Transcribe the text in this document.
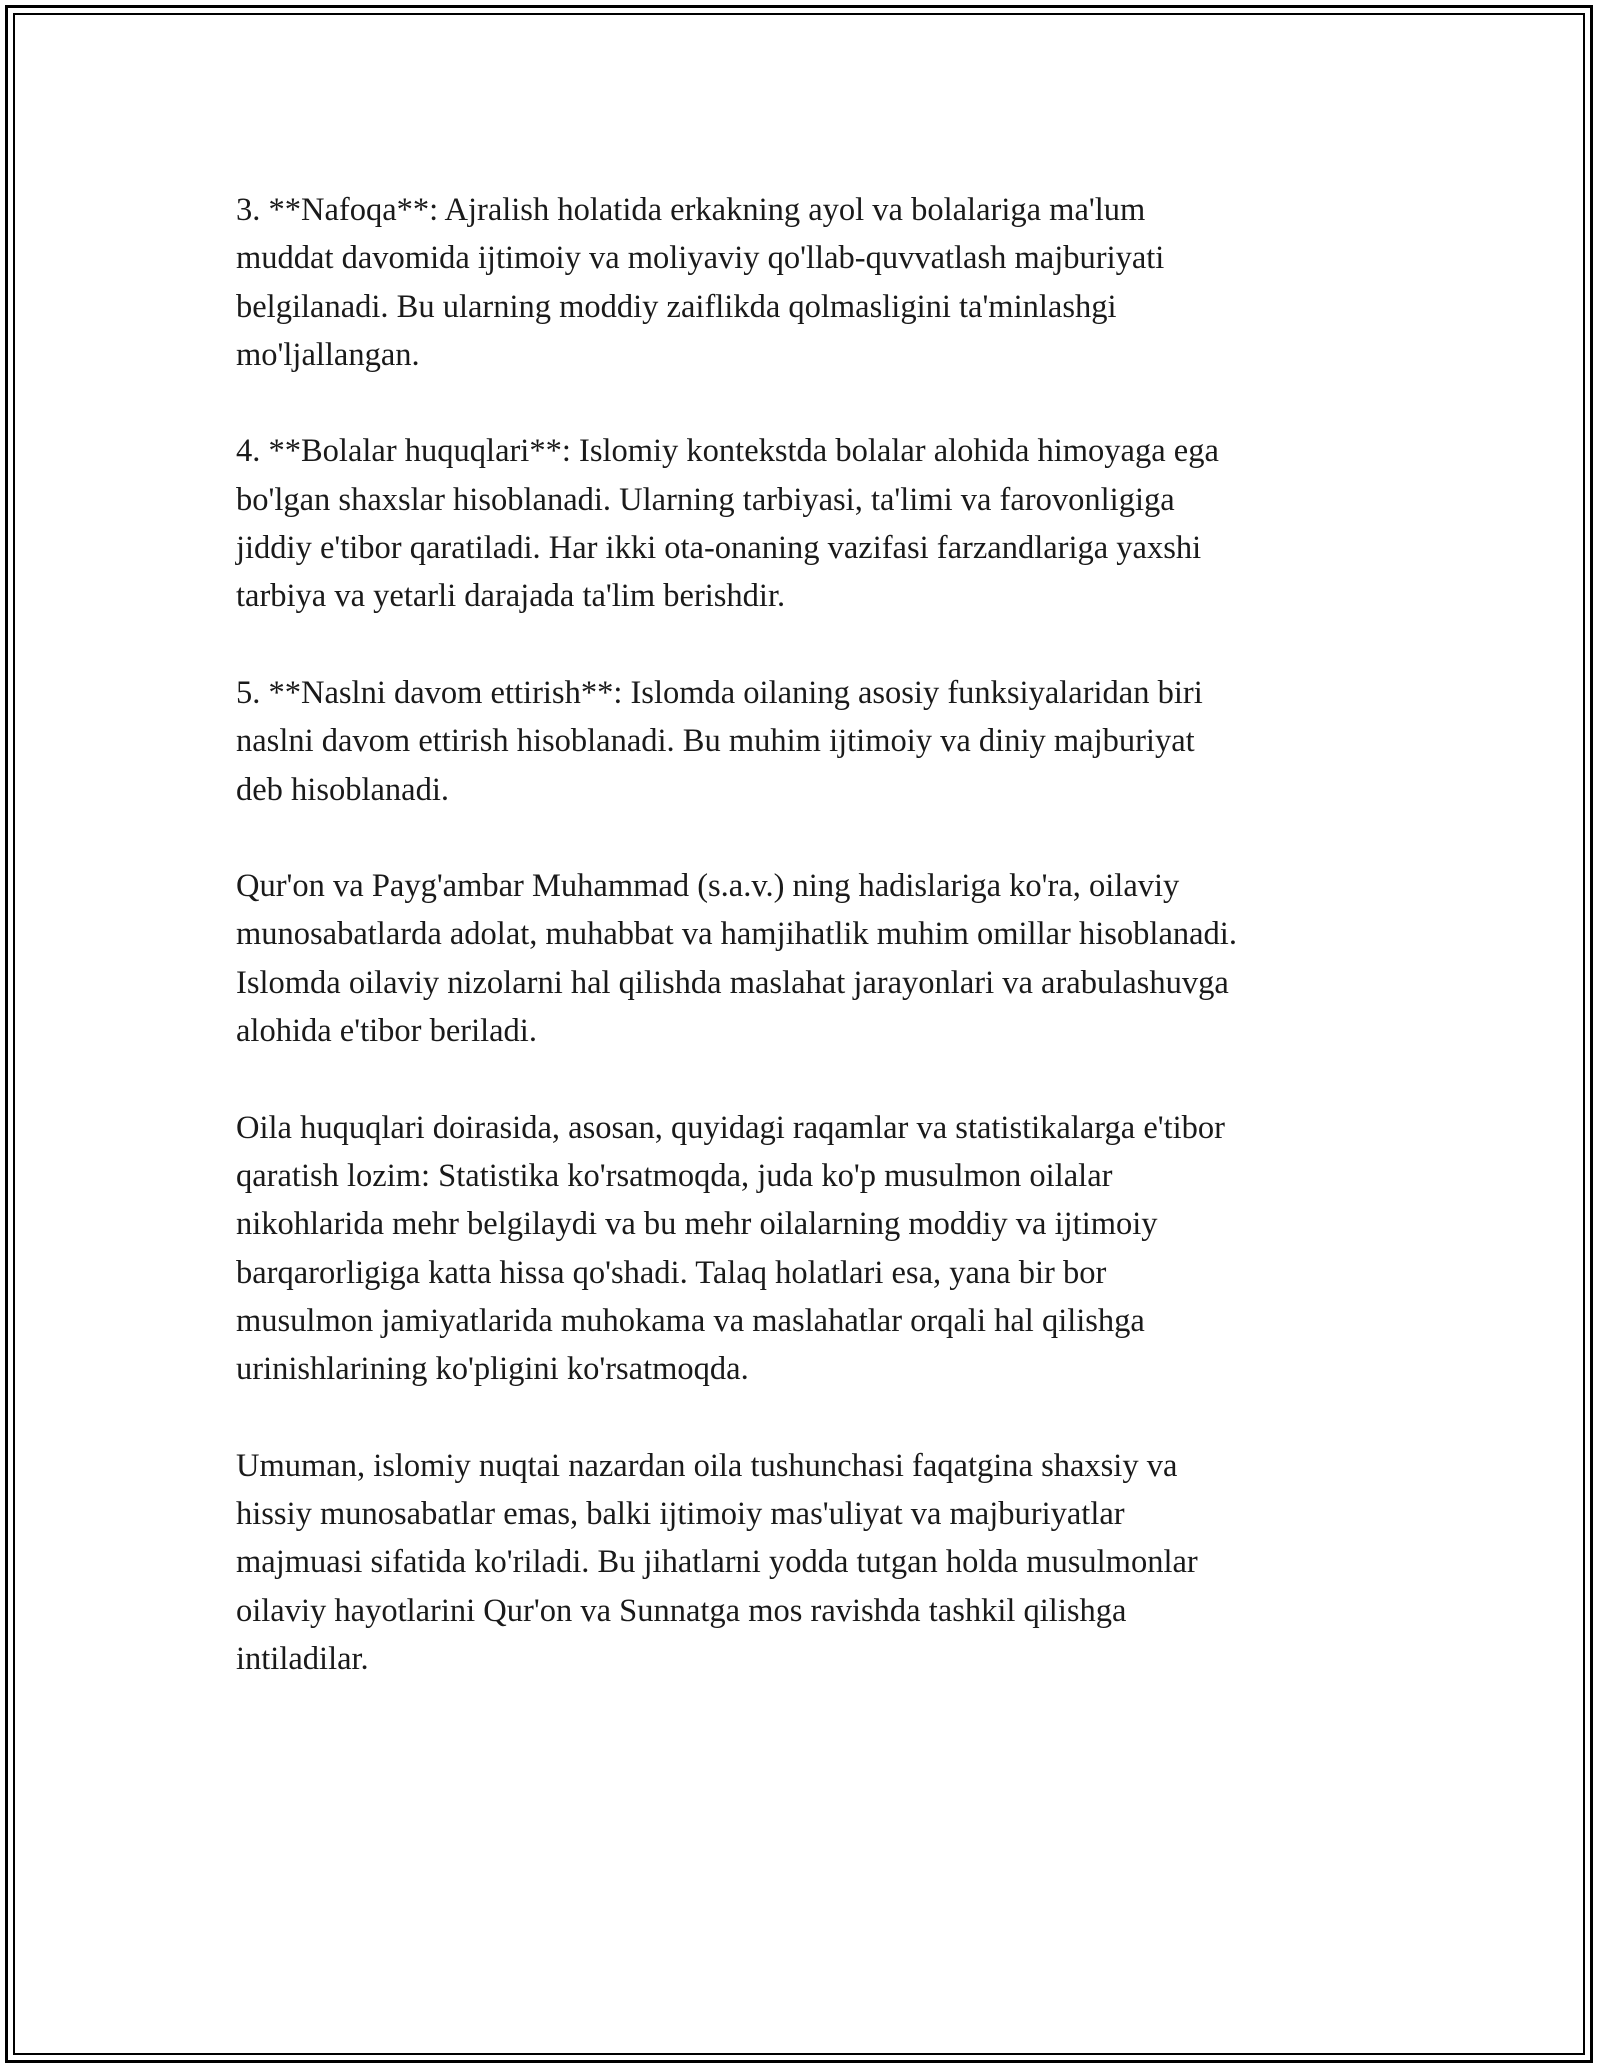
3. **Nafoqa**: Ajralish holatida erkakning ayol va bolalariga ma'lum
muddat davomida ijtimoiy va moliyaviy qo'llab-quvvatlash majburiyati
belgilanadi. Bu ularning moddiy zaiflikda qolmasligini ta'minlashgi
mo'ljallangan.

4. **Bolalar huquqlari**: Islomiy kontekstda bolalar alohida himoyaga ega
bo'lgan shaxslar hisoblanadi. Ularning tarbiyasi, ta'limi va farovonligiga
jiddiy e'tibor qaratiladi. Har ikki ota-onaning vazifasi farzandlariga yaxshi
tarbiya va yetarli darajada ta'lim berishdir.

5. **Naslni davom ettirish**: Islomda oilaning asosiy funksiyalaridan biri
naslni davom ettirish hisoblanadi. Bu muhim ijtimoiy va diniy majburiyat
deb hisoblanadi.

Qur'on va Payg'ambar Muhammad (s.a.v.) ning hadislariga ko'ra, oilaviy
munosabatlarda adolat, muhabbat va hamjihatlik muhim omillar hisoblanadi.
Islomda oilaviy nizolarni hal qilishda maslahat jarayonlari va arabulashuvga
alohida e'tibor beriladi.

Oila huquqlari doirasida, asosan, quyidagi raqamlar va statistikalarga e'tibor
qaratish lozim: Statistika ko'rsatmoqda, juda ko'p musulmon oilalar
nikohlarida mehr belgilaydi va bu mehr oilalarning moddiy va ijtimoiy
barqarorligiga katta hissa qo'shadi. Talaq holatlari esa, yana bir bor
musulmon jamiyatlarida muhokama va maslahatlar orqali hal qilishga
urinishlarining ko'pligini ko'rsatmoqda.

Umuman, islomiy nuqtai nazardan oila tushunchasi faqatgina shaxsiy va
hissiy munosabatlar emas, balki ijtimoiy mas'uliyat va majburiyatlar
majmuasi sifatida ko'riladi. Bu jihatlarni yodda tutgan holda musulmonlar
oilaviy hayotlarini Qur'on va Sunnatga mos ravishda tashkil qilishga
intiladilar.
